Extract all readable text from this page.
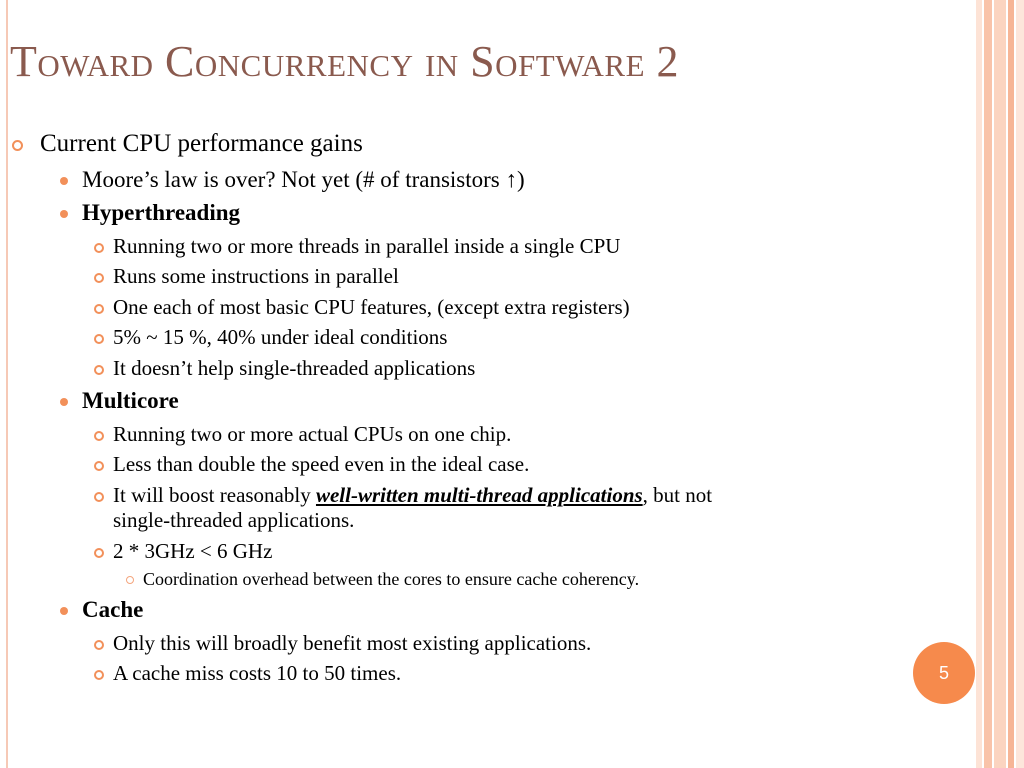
Toward Concurrency in Software 2
Current CPU performance gains
Moore’s law is over? Not yet (# of transistors ↑)
Hyperthreading
Running two or more threads in parallel inside a single CPU
Runs some instructions in parallel
One each of most basic CPU features, (except extra registers)
5% ~ 15 %, 40% under ideal conditions
It doesn’t help single-threaded applications
Multicore
Running two or more actual CPUs on one chip.
Less than double the speed even in the ideal case.
It will boost reasonably well-written multi-thread applications, but not
single-threaded applications.
2 * 3GHz < 6 GHz
Coordination overhead between the cores to ensure cache coherency.
Cache
Only this will broadly benefit most existing applications.
A cache miss costs 10 to 50 times.	5
